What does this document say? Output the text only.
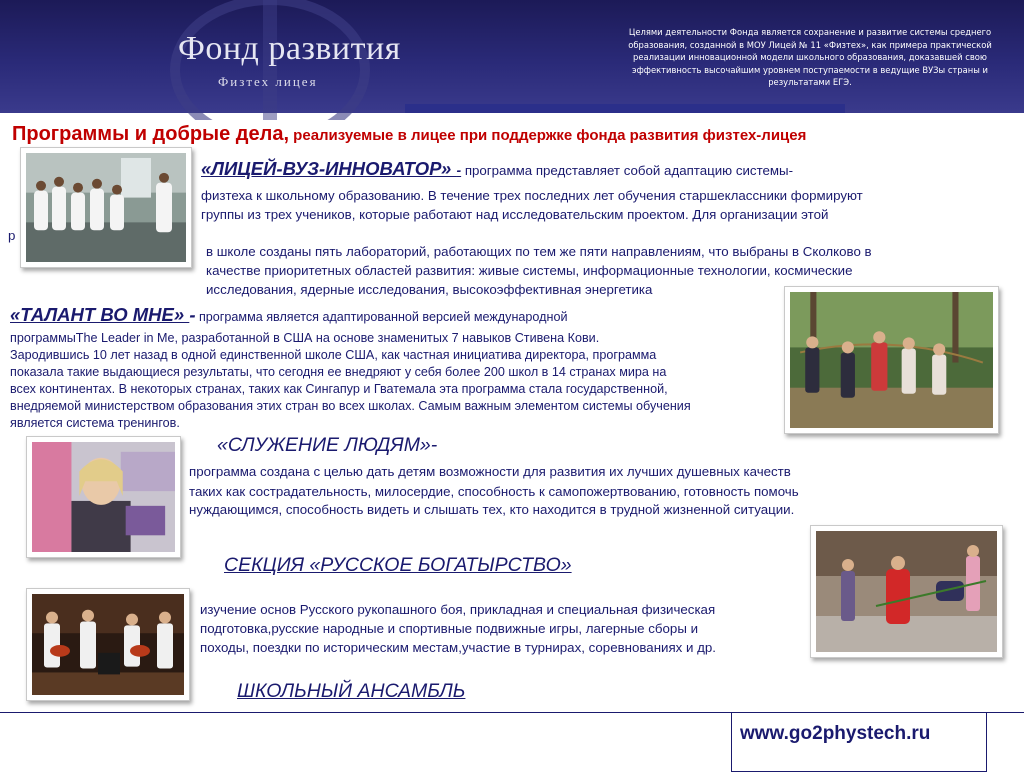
Фонд развития
Физтех лицея
Целями деятельности Фонда является сохранение и развитие системы среднего образования, созданной в МОУ Лицей № 11 «Физтех», как примера практической реализации инновационной модели школьного образования, доказавшей свою эффективность высочайшим уровнем поступаемости в ведущие ВУЗы страны и результатами ЕГЭ.
Программы и добрые дела, реализуемые в лицее при поддержке фонда развития физтех-лицея
«ЛИЦЕЙ-ВУЗ-ИННОВАТОР» - программа представляет собой адаптацию системы-
физтеха к школьному образованию. В течение трех последних лет обучения старшеклассники формируют
группы из трех учеников, которые работают над исследовательским проектом. Для организации этой
р
в школе созданы пять лабораторий, работающих по тем же пяти направлениям, что выбраны в Сколково в
качестве приоритетных областей развития: живые системы, информационные технологии, космические
исследования, ядерные исследования, высокоэффективная энергетика
«ТАЛАНТ ВО МНЕ» - программа является адаптированной версией международной
программыThe Leader in Me, разработанной в США на основе знаменитых 7 навыков Стивена Кови.
Зародившись 10 лет назад в одной единственной школе США, как частная инициатива директора, программа
показала такие выдающиеся результаты, что сегодня ее внедряют у себя более 200 школ в 14 странах мира на
всех континентах. В некоторых странах, таких как Сингапур и Гватемала эта программа стала государственной,
внедряемой министерством образования этих стран во всех школах. Самым важным элементом системы обучения
является система тренингов.
«СЛУЖЕНИЕ ЛЮДЯМ»-
программа создана с целью дать детям возможности для развития их лучших душевных качеств
таких как сострадательность, милосердие, способность к самопожертвованию, готовность помочь
нуждающимся, способность видеть и слышать тех, кто находится в трудной жизненной ситуации.
СЕКЦИЯ «РУССКОЕ БОГАТЫРСТВО»
изучение основ Русского рукопашного боя, прикладная и специальная физическая
подготовка,русские народные и спортивные подвижные игры, лагерные сборы и
походы, поездки по историческим местам,участие в турнирах, соревнованиях и др.
ШКОЛЬНЫЙ АНСАМБЛЬ
www.go2phystech.ru
